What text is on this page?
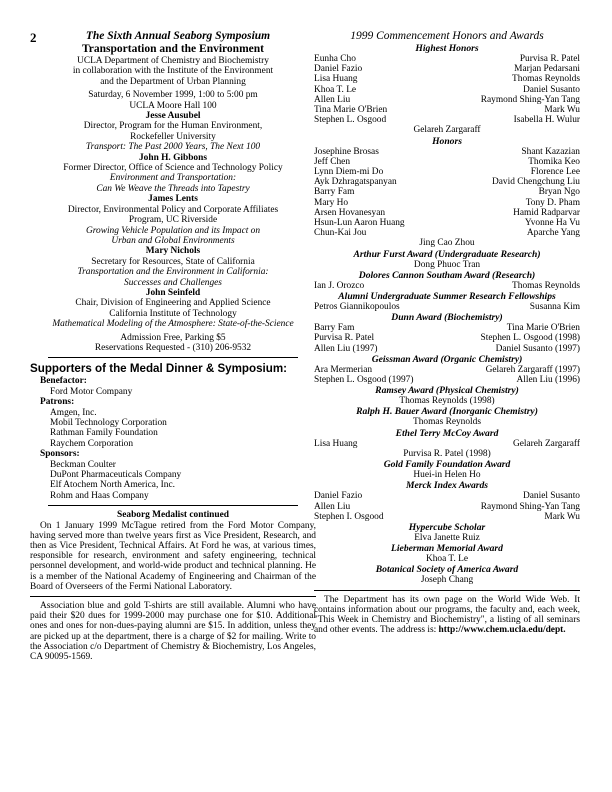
2	The Sixth Annual Seaborg Symposium
Transportation and the Environment
UCLA Department of Chemistry and Biochemistry
in collaboration with the Institute of the Environment
and the Department of Urban Planning
Saturday, 6 November 1999, 1:00 to 5:00 pm
UCLA Moore Hall 100
Jesse Ausubel
Director, Program for the Human Environment,
Rockefeller University
Transport: The Past 2000 Years, The Next 100
John H. Gibbons
Former Director, Office of Science and Technology Policy
Environment and Transportation:
Can We Weave the Threads into Tapestry
James Lents
Director, Environmental Policy and Corporate Affiliates
Program, UC Riverside
Growing Vehicle Population and its Impact on
Urban and Global Environments
Mary Nichols
Secretary for Resources, State of California
Transportation and the Environment in California:
Successes and Challenges
John Seinfeld
Chair, Division of Engineering and Applied Science
California Institute of Technology
Mathematical Modeling of the Atmosphere: State-of-the-Science
Admission Free, Parking $5
Reservations Requested - (310) 206-9532
Supporters of the Medal Dinner & Symposium:
Benefactor:
Ford Motor Company
Patrons:
Amgen, Inc.
Mobil Technology Corporation
Rathman Family Foundation
Raychem Corporation
Sponsors:
Beckman Coulter
DuPont Pharmaceuticals Company
Elf Atochem North America, Inc.
Rohm and Haas Company
Seaborg Medalist continued

On 1 January 1999 McTague retired from the Ford Motor Company, having served more than twelve years first as Vice President, Research, and then as Vice President, Technical Affairs. At Ford he was, at various times, responsible for research, environment and safety engineering, technical personnel development, and world-wide product and technical planning. He is a member of the National Academy of Engineering and Chairman of the Board of Overseers of the Fermi National Laboratory.

Association blue and gold T-shirts are still available. Alumni who have paid their $20 dues for 1999-2000 may purchase one for $10. Additional ones and ones for non-dues-paying alumni are $15. In addition, unless they are picked up at the department, there is a charge of $2 for mailing. Write to the Association c/o Department of Chemistry & Biochemistry, Los Angeles, CA 90095-1569.

1999 Commencement Honors and Awards
Highest Honors
Eunha Cho	Purvisa R. Patel
Daniel Fazio	Marjan Pedarsani
Lisa Huang	Thomas Reynolds
Khoa T. Le	Daniel Susanto
Allen Liu	Raymond Shing-Yan Tang
Tina Marie O'Brien	Mark Wu
Stephen L. Osgood	Isabella H. Wulur
Gelareh Zargaraff
Honors
Josephine Brosas	Shant Kazazian
Jeff Chen	Thomika Keo
Lynn Diem-mi Do	Florence Lee
Ayk Dzhragatspanyan	David Chengchung Liu
Barry Fam	Bryan Ngo
Mary Ho	Tony D. Pham
Arsen Hovanesyan	Hamid Radparvar
Hsun-Lun Aaron Huang	Yvonne Ha Vu
Chun-Kai Jou	Aparche Yang
Jing Cao Zhou
Arthur Furst Award (Undergraduate Research)
Dong Phuoc Tran
Dolores Cannon Southam Award (Research)
Ian J. Orozco	Thomas Reynolds
Alumni Undergraduate Summer Research Fellowships
Petros Giannikopoulos	Susanna Kim
Dunn Award (Biochemistry)
Barry Fam	Tina Marie O'Brien
Purvisa R. Patel	Stephen L. Osgood (1998)
Allen Liu (1997)	Daniel Susanto (1997)
Geissman Award (Organic Chemistry)
Ara Mermerian	Gelareh Zargaraff (1997)
Stephen L. Osgood (1997)	Allen Liu (1996)
Ramsey Award (Physical Chemistry)
Thomas Reynolds (1998)
Ralph H. Bauer Award (Inorganic Chemistry)
Thomas Reynolds
Ethel Terry McCoy Award
Lisa Huang	Gelareh Zargaraff
Purvisa R. Patel (1998)
Gold Family Foundation Award
Huei-in Helen Ho
Merck Index Awards
Daniel Fazio	Daniel Susanto
Allen Liu	Raymond Shing-Yan Tang
Stephen I. Osgood	Mark Wu
Hypercube Scholar
Elva Janette Ruiz
Lieberman Memorial Award
Khoa T. Le
Botanical Society of America Award
Joseph Chang

The Department has its own page on the World Wide Web. It contains information about our programs, the faculty and, each week, "This Week in Chemistry and Biochemistry", a listing of all seminars and other events. The address is: http://www.chem.ucla.edu/dept.
